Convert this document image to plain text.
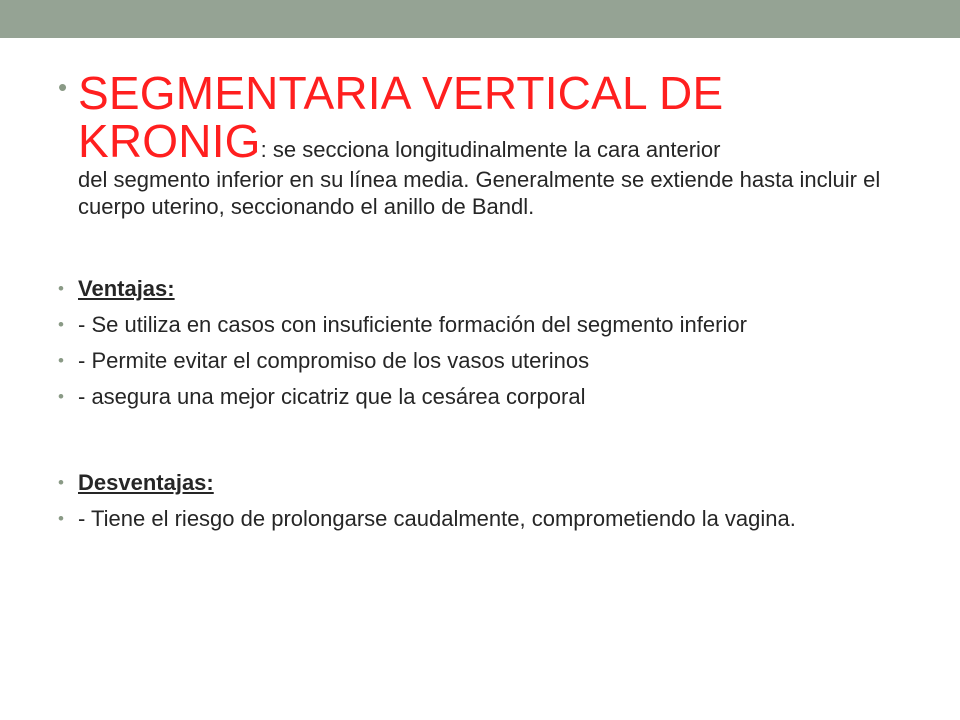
• SEGMENTARIA VERTICAL DE
KRONIG: se secciona longitudinalmente la cara anterior
del segmento inferior en su línea media. Generalmente se extiende hasta incluir el cuerpo uterino, seccionando el anillo de Bandl.
• Ventajas:
• - Se utiliza en casos con insuficiente formación del segmento inferior
• - Permite evitar el compromiso de los vasos uterinos
• - asegura una mejor cicatriz que la cesárea corporal
• Desventajas:
• - Tiene el riesgo de prolongarse caudalmente, comprometiendo la vagina.
